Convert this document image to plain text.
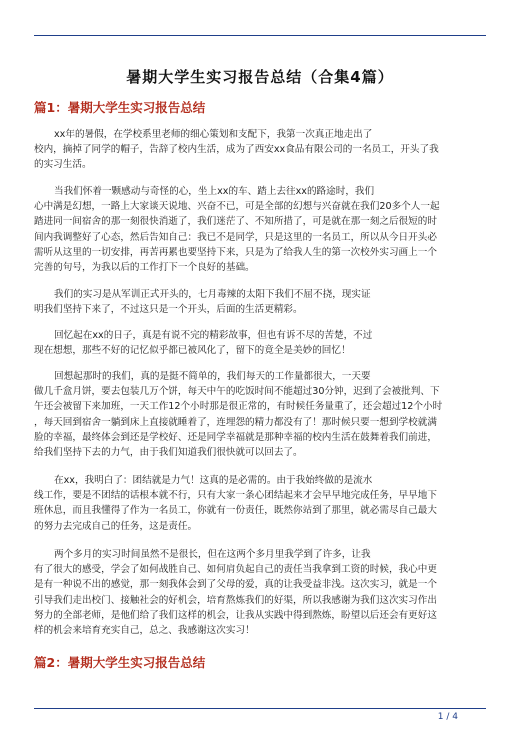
暑期大学生实习报告总结（合集4篇）
篇1：暑期大学生实习报告总结

xx年的暑假，在学校系里老师的细心策划和支配下，我第一次真正地走出了
校内，摘掉了同学的帽子，告辞了校内生活，成为了西安xx食品有限公司的一名员工，开头了我
的实习生活。

当我们怀着一颗感动与奇怪的心，坐上xx的车、踏上去往xx的路途时，我们
心中满是幻想，一路上大家谈天说地、兴奋不已，可是全部的幻想与兴奋就在我们20多个人一起
踏进同一间宿舍的那一刻很快消逝了，我们迷茫了、不知所措了，可是就在那一刻之后很短的时
间内我调整好了心态，然后告知自己：我已不是同学，只是这里的一名员工，所以从今日开头必
需听从这里的一切安排，再苦再累也要坚持下来，只是为了给我人生的第一次校外实习画上一个
完善的句号，为我以后的工作打下一个良好的基础。

我们的实习是从军训正式开头的，七月毒辣的太阳下我们不屈不挠，现实证
明我们坚持下来了，不过这只是一个开头，后面的生活更精彩。

回忆起在xx的日子，真是有说不完的精彩故事，但也有诉不尽的苦楚，不过
现在想想，那些不好的记忆似乎都已被风化了，留下的竟全是美妙的回忆！

回想起那时的我们，真的是挺不简单的，我们每天的工作量都很大，一天要
做几千盒月饼，要去包装几万个饼，每天中午的吃饭时间不能超过30分钟，迟到了会被批判、下
午还会被留下来加班，一天工作12个小时那是很正常的，有时候任务量重了，还会超过12个小时
，每天回到宿舍一躺到床上直接就睡着了，连埋怨的精力都没有了！那时候只要一想到学校就满
脸的幸福，最终体会到还是学校好、还是同学幸福就是那种幸福的校内生活在鼓舞着我们前进，
给我们坚持下去的力气，由于我们知道我们很快就可以回去了。

在xx，我明白了：团结就是力气！这真的是必需的。由于我始终做的是流水
线工作，要是不团结的话根本就不行，只有大家一条心团结起来才会早早地完成任务，早早地下
班休息，而且我懂得了作为一名员工，你就有一份责任，既然你站到了那里，就必需尽自己最大
的努力去完成自己的任务，这是责任。

两个多月的实习时间虽然不是很长，但在这两个多月里我学到了许多，让我
有了很大的感受，学会了如何战胜自己、如何肩负起自己的责任当我拿到工资的时候，我心中更
是有一种说不出的感觉，那一刻我体会到了父母的爱，真的让我受益非浅。这次实习，就是一个
引导我们走出校门、接触社会的好机会，培育熬炼我们的好渠，所以我感谢为我们这次实习作出
努力的全部老师，是他们给了我们这样的机会，让我从实践中得到熬炼，盼望以后还会有更好这
样的机会来培育充实自己，总之、我感谢这次实习！

篇2：暑期大学生实习报告总结
1 / 4
